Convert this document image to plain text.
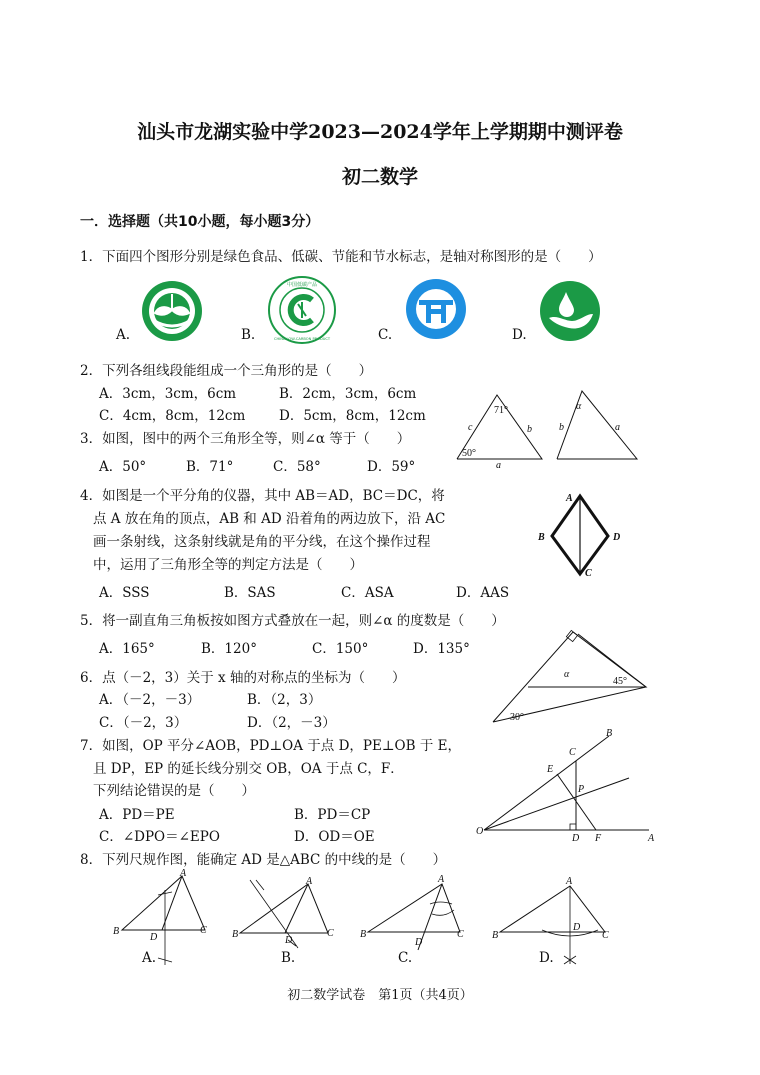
汕头市龙湖实验中学2023—2024学年上学期期中测评卷
初二数学
一．选择题（共10小题，每小题3分）
1．下面四个图形分别是绿色食品、低碳、节能和节水标志，是轴对称图形的是（　　）
A.	B.	C.	D.
中国低碳产品
CHINA LOW-CARBON PRODUCT
2．下列各组线段能组成一个三角形的是（　　）
A．3cm，3cm，6cm	B．2cm，3cm，6cm
C．4cm，8cm，12cm D．5cm，8cm，12cm
3．如图，图中的两个三角形全等，则∠α 等于（　　）
A．50°	B．71°	C．58°	D．59°
71°
50°
c	b
a
α
b	a
4．如图是一个平分角的仪器，其中 AB＝AD，BC＝DC，将
点 A 放在角的顶点，AB 和 AD 沿着角的两边放下，沿 AC
画一条射线，这条射线就是角的平分线，在这个操作过程
中，运用了三角形全等的判定方法是（　　）
A．SSS	B．SAS	C．ASA	D．AAS
A
B	D
C
5．将一副直角三角板按如图方式叠放在一起，则∠α 的度数是（　　）
A．165°	B．120°	C．150°	D．135°
α
45°
30°
6．点（－2，3）关于 x 轴的对称点的坐标为（　　）
A．（－2，－3）	B．（2，3）
C．（－2，3）	D．（2，－3）
7．如图，OP 平分∠AOB，PD⊥OA 于点 D，PE⊥OB 于 E，
且 DP，EP 的延长线分别交 OB，OA 于点 C，F．
下列结论错误的是（　　）
A．PD＝PE	B．PD＝CP
C．∠DPO＝∠EPO	D．OD＝OE	O
A
B
C
E
P
D F
8．下列尺规作图，能确定 AD 是△ABC 的中线的是（　　）
A
B	C
D
A.
A
B	C
D
B.
A
B	C
D
C.
A
B	C
D
D.
初二数学试卷　第1页（共4页）
